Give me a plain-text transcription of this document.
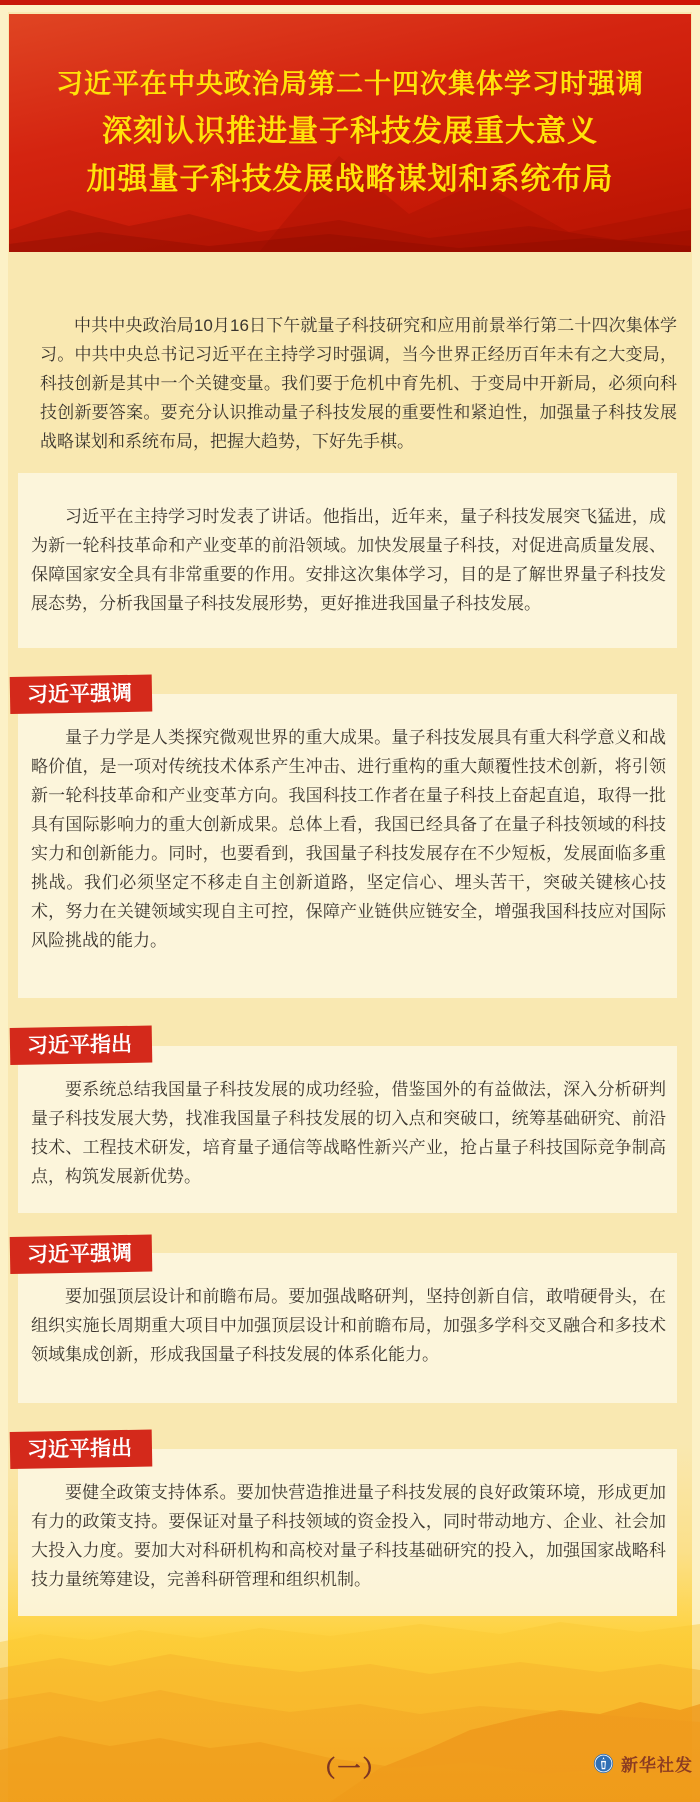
习近平在中央政治局第二十四次集体学习时强调
深刻认识推进量子科技发展重大意义
加强量子科技发展战略谋划和系统布局

中共中央政治局10月16日下午就量子科技研究和应用前景举行第二十四次集体学习。中共中央总书记习近平在主持学习时强调，当今世界正经历百年未有之大变局，科技创新是其中一个关键变量。我们要于危机中育先机、于变局中开新局，必须向科技创新要答案。要充分认识推动量子科技发展的重要性和紧迫性，加强量子科技发展战略谋划和系统布局，把握大趋势，下好先手棋。

习近平在主持学习时发表了讲话。他指出，近年来，量子科技发展突飞猛进，成为新一轮科技革命和产业变革的前沿领域。加快发展量子科技，对促进高质量发展、保障国家安全具有非常重要的作用。安排这次集体学习，目的是了解世界量子科技发展态势，分析我国量子科技发展形势，更好推进我国量子科技发展。

习近平强调

量子力学是人类探究微观世界的重大成果。量子科技发展具有重大科学意义和战略价值，是一项对传统技术体系产生冲击、进行重构的重大颠覆性技术创新，将引领新一轮科技革命和产业变革方向。我国科技工作者在量子科技上奋起直追，取得一批具有国际影响力的重大创新成果。总体上看，我国已经具备了在量子科技领域的科技实力和创新能力。同时，也要看到，我国量子科技发展存在不少短板，发展面临多重挑战。我们必须坚定不移走自主创新道路，坚定信心、埋头苦干，突破关键核心技术，努力在关键领域实现自主可控，保障产业链供应链安全，增强我国科技应对国际风险挑战的能力。

习近平指出

要系统总结我国量子科技发展的成功经验，借鉴国外的有益做法，深入分析研判量子科技发展大势，找准我国量子科技发展的切入点和突破口，统筹基础研究、前沿技术、工程技术研发，培育量子通信等战略性新兴产业，抢占量子科技国际竞争制高点，构筑发展新优势。

习近平强调

要加强顶层设计和前瞻布局。要加强战略研判，坚持创新自信，敢啃硬骨头，在组织实施长周期重大项目中加强顶层设计和前瞻布局，加强多学科交叉融合和多技术领域集成创新，形成我国量子科技发展的体系化能力。

习近平指出

要健全政策支持体系。要加快营造推进量子科技发展的良好政策环境，形成更加有力的政策支持。要保证对量子科技领域的资金投入，同时带动地方、企业、社会加大投入力度。要加大对科研机构和高校对量子科技基础研究的投入，加强国家战略科技力量统筹建设，完善科研管理和组织机制。

（一）	新华社发
